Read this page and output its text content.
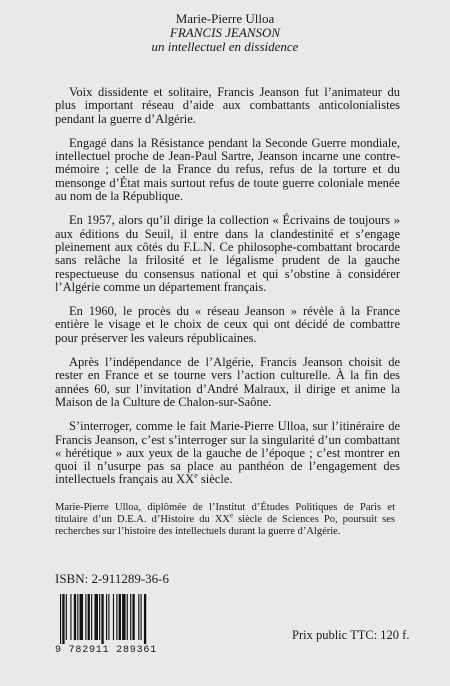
Marie-Pierre Ulloa
FRANCIS JEANSON
un intellectuel en dissidence

Voix dissidente et solitaire, Francis Jeanson fut l’animateur du plus important réseau d’aide aux combattants anticolonialistes pendant la guerre d’Algérie.

Engagé dans la Résistance pendant la Seconde Guerre mondiale, intellectuel proche de Jean-Paul Sartre, Jeanson incarne une contre-mémoire ; celle de la France du refus, refus de la torture et du mensonge d’État mais surtout refus de toute guerre coloniale menée au nom de la République.

En 1957, alors qu’il dirige la collection « Écrivains de toujours » aux éditions du Seuil, il entre dans la clandestinité et s’engage pleinement aux côtés du F.L.N. Ce philosophe-combattant brocarde sans relâche la frilosité et le légalisme prudent de la gauche respectueuse du consensus national et qui s’obstine à considérer l’Algérie comme un département français.

En 1960, le procès du « réseau Jeanson » révèle à la France entière le visage et le choix de ceux qui ont décidé de combattre pour préserver les valeurs républicaines.

Après l’indépendance de l’Algérie, Francis Jeanson choisit de rester en France et se tourne vers l’action culturelle. À la fin des années 60, sur l’invitation d’André Malraux, il dirige et anime la Maison de la Culture de Chalon-sur-Saône.

S’interroger, comme le fait Marie-Pierre Ulloa, sur l’itinéraire de Francis Jeanson, c’est s’interroger sur la singularité d’un combattant « hérétique » aux yeux de la gauche de l’époque ; c’est montrer en quoi il n’usurpe pas sa place au panthéon de l’engagement des intellectuels français au XXe siècle.

Marie-Pierre Ulloa, diplômée de l’Institut d’Études Politiques de Paris et titulaire d’un D.E.A. d’Histoire du XXe siècle de Sciences Po, poursuit ses recherches sur l’histoire des intellectuels durant la guerre d’Algérie.

ISBN: 2-911289-36-6
9 782911 289361
Prix public TTC: 120 f.
